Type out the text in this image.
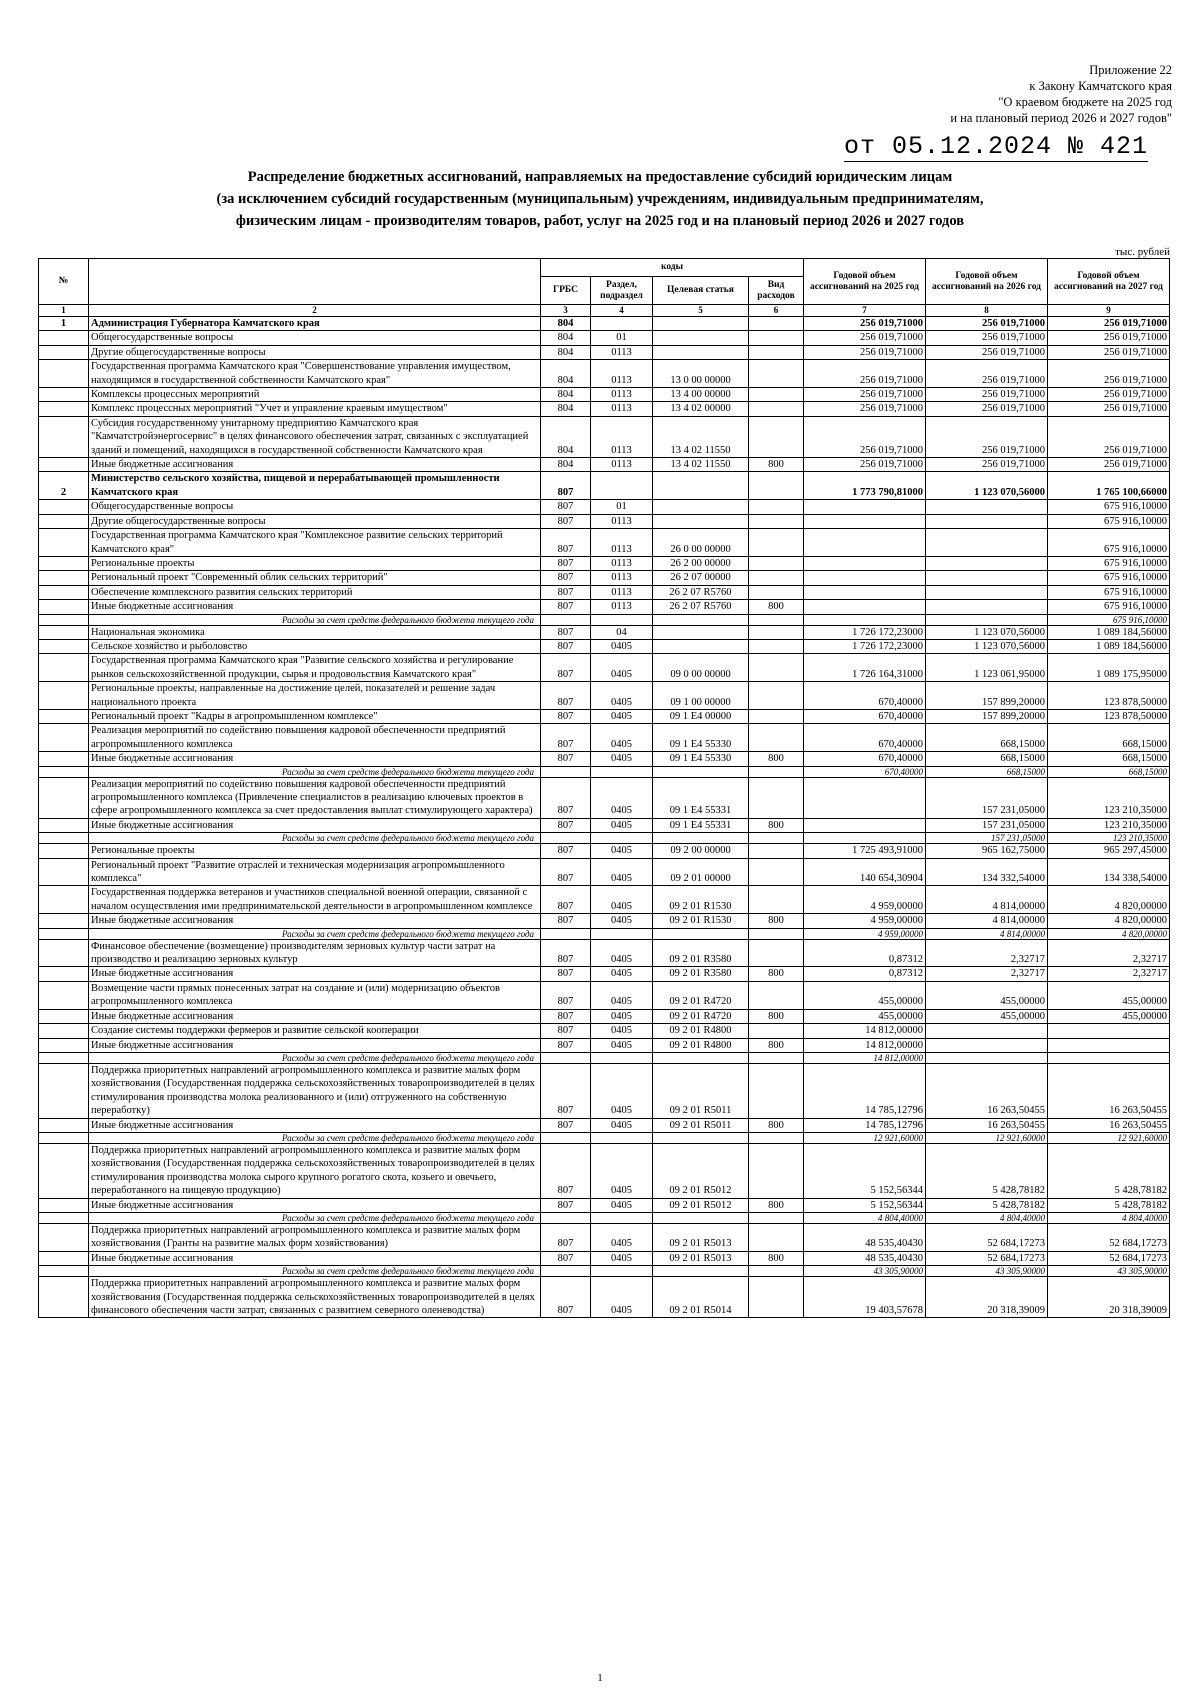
Приложение 22
к Закону Камчатского края
"О краевом бюджете на 2025 год
и на плановый период 2026 и 2027 годов"
от 05.12.2024 № 421
Распределение бюджетных ассигнований, направляемых на предоставление субсидий юридическим лицам
(за исключением субсидий государственным (муниципальным) учреждениям, индивидуальным предпринимателям,
физическим лицам - производителям товаров, работ, услуг на 2025 год и на плановый период 2026 и 2027 годов
тыс. рублей
№		коды				Годовой объем ассигнований на 2025 год	Годовой объем ассигнований на 2026 год	Годовой объем ассигнований на 2027 год
		ГРБС	Раздел, подраздел	Целевая статья	Вид расходов			
1	2	3	4	5	6	7	8	9
1	Администрация Губернатора Камчатского края	804				256 019,71000	256 019,71000	256 019,71000
	Общегосударственные вопросы	804	01			256 019,71000	256 019,71000	256 019,71000
	Другие общегосударственные вопросы	804	0113			256 019,71000	256 019,71000	256 019,71000
	Государственная программа Камчатского края "Совершенствование управления имуществом, находящимся в государственной собственности Камчатского края"	804	0113	13 0 00 00000		256 019,71000	256 019,71000	256 019,71000
	Комплексы процессных мероприятий	804	0113	13 4 00 00000		256 019,71000	256 019,71000	256 019,71000
	Комплекс процессных мероприятий "Учет и управление краевым имуществом"	804	0113	13 4 02 00000		256 019,71000	256 019,71000	256 019,71000
	Субсидия государственному унитарному предприятию Камчатского края "Камчатстройэнергосервис" в целях финансового обеспечения затрат, связанных с эксплуатацией зданий и помещений, находящихся в государственной собственности Камчатского края	804	0113	13 4 02 11550		256 019,71000	256 019,71000	256 019,71000
	Иные бюджетные ассигнования	804	0113	13 4 02 11550	800	256 019,71000	256 019,71000	256 019,71000
2	Министерство сельского хозяйства, пищевой и перерабатывающей промышленности Камчатского края	807				1 773 790,81000	1 123 070,56000	1 765 100,66000
	Общегосударственные вопросы	807	01					675 916,10000
	Другие общегосударственные вопросы	807	0113					675 916,10000
	Государственная программа Камчатского края "Комплексное развитие сельских территорий Камчатского края"	807	0113	26 0 00 00000				675 916,10000
	Региональные проекты	807	0113	26 2 00 00000				675 916,10000
	Региональный проект "Современный облик сельских территорий"	807	0113	26 2 07 00000				675 916,10000
	Обеспечение комплексного развития сельских территорий	807	0113	26 2 07 R5760				675 916,10000
	Иные бюджетные ассигнования	807	0113	26 2 07 R5760	800			675 916,10000
	Расходы за счет средств федерального бюджета текущего года							675 916,10000
	Национальная экономика	807	04			1 726 172,23000	1 123 070,56000	1 089 184,56000
	Сельское хозяйство и рыболовство	807	0405			1 726 172,23000	1 123 070,56000	1 089 184,56000
	Государственная программа Камчатского края "Развитие сельского хозяйства и регулирование рынков сельскохозяйственной продукции, сырья и продовольствия Камчатского края"	807	0405	09 0 00 00000		1 726 164,31000	1 123 061,95000	1 089 175,95000
	Региональные проекты, направленные на достижение целей, показателей и решение задач национального проекта	807	0405	09 1 00 00000		670,40000	157 899,20000	123 878,50000
	Региональный проект "Кадры в агропромышленном комплексе"	807	0405	09 1 E4 00000		670,40000	157 899,20000	123 878,50000
	Реализация мероприятий по содействию повышения кадровой обеспеченности предприятий агропромышленного комплекса	807	0405	09 1 E4 55330		670,40000	668,15000	668,15000
	Иные бюджетные ассигнования	807	0405	09 1 E4 55330	800	670,40000	668,15000	668,15000
	Расходы за счет средств федерального бюджета текущего года					670,40000	668,15000	668,15000
	Реализация мероприятий по содействию повышения кадровой обеспеченности предприятий агропромышленного комплекса (Привлечение специалистов в реализацию ключевых проектов в сфере агропромышленного комплекса за счет предоставления выплат стимулирующего характера)	807	0405	09 1 E4 55331			157 231,05000	123 210,35000
	Иные бюджетные ассигнования	807	0405	09 1 E4 55331	800		157 231,05000	123 210,35000
	Расходы за счет средств федерального бюджета текущего года						157 231,05000	123 210,35000
	Региональные проекты	807	0405	09 2 00 00000		1 725 493,91000	965 162,75000	965 297,45000
	Региональный проект "Развитие отраслей и техническая модернизация агропромышленного комплекса"	807	0405	09 2 01 00000		140 654,30904	134 332,54000	134 338,54000
	Государственная поддержка ветеранов и участников специальной военной операции, связанной с началом осуществления ими предпринимательской деятельности в агропромышленном комплексе	807	0405	09 2 01 R1530		4 959,00000	4 814,00000	4 820,00000
	Иные бюджетные ассигнования	807	0405	09 2 01 R1530	800	4 959,00000	4 814,00000	4 820,00000
	Расходы за счет средств федерального бюджета текущего года					4 959,00000	4 814,00000	4 820,00000
	Финансовое обеспечение (возмещение) производителям зерновых культур части затрат на производство и реализацию зерновых культур	807	0405	09 2 01 R3580		0,87312	2,32717	2,32717
	Иные бюджетные ассигнования	807	0405	09 2 01 R3580	800	0,87312	2,32717	2,32717
	Возмещение части прямых понесенных затрат на создание и (или) модернизацию объектов агропромышленного комплекса	807	0405	09 2 01 R4720		455,00000	455,00000	455,00000
	Иные бюджетные ассигнования	807	0405	09 2 01 R4720	800	455,00000	455,00000	455,00000
	Создание системы поддержки фермеров и развитие сельской кооперации	807	0405	09 2 01 R4800		14 812,00000		
	Иные бюджетные ассигнования	807	0405	09 2 01 R4800	800	14 812,00000		
	Расходы за счет средств федерального бюджета текущего года					14 812,00000		
	Поддержка приоритетных направлений агропромышленного комплекса и развитие малых форм хозяйствования (Государственная поддержка сельскохозяйственных товаропроизводителей в целях стимулирования производства молока реализованного и (или) отгруженного на собственную переработку)	807	0405	09 2 01 R5011		14 785,12796	16 263,50455	16 263,50455
	Иные бюджетные ассигнования	807	0405	09 2 01 R5011	800	14 785,12796	16 263,50455	16 263,50455
	Расходы за счет средств федерального бюджета текущего года					12 921,60000	12 921,60000	12 921,60000
	Поддержка приоритетных направлений агропромышленного комплекса и развитие малых форм хозяйствования (Государственная поддержка сельскохозяйственных товаропроизводителей в целях стимулирования производства молока сырого крупного рогатого скота, козьего и овечьего, переработанного на пищевую продукцию)	807	0405	09 2 01 R5012		5 152,56344	5 428,78182	5 428,78182
	Иные бюджетные ассигнования	807	0405	09 2 01 R5012	800	5 152,56344	5 428,78182	5 428,78182
	Расходы за счет средств федерального бюджета текущего года					4 804,40000	4 804,40000	4 804,40000
	Поддержка приоритетных направлений агропромышленного комплекса и развитие малых форм хозяйствования (Гранты на развитие малых форм хозяйствования)	807	0405	09 2 01 R5013		48 535,40430	52 684,17273	52 684,17273
	Иные бюджетные ассигнования	807	0405	09 2 01 R5013	800	48 535,40430	52 684,17273	52 684,17273
	Расходы за счет средств федерального бюджета текущего года					43 305,90000	43 305,90000	43 305,90000
	Поддержка приоритетных направлений агропромышленного комплекса и развитие малых форм хозяйствования (Государственная поддержка сельскохозяйственных товаропроизводителей в целях финансового обеспечения части затрат, связанных с развитием северного оленеводства)	807	0405	09 2 01 R5014		19 403,57678	20 318,39009	20 318,39009
1
